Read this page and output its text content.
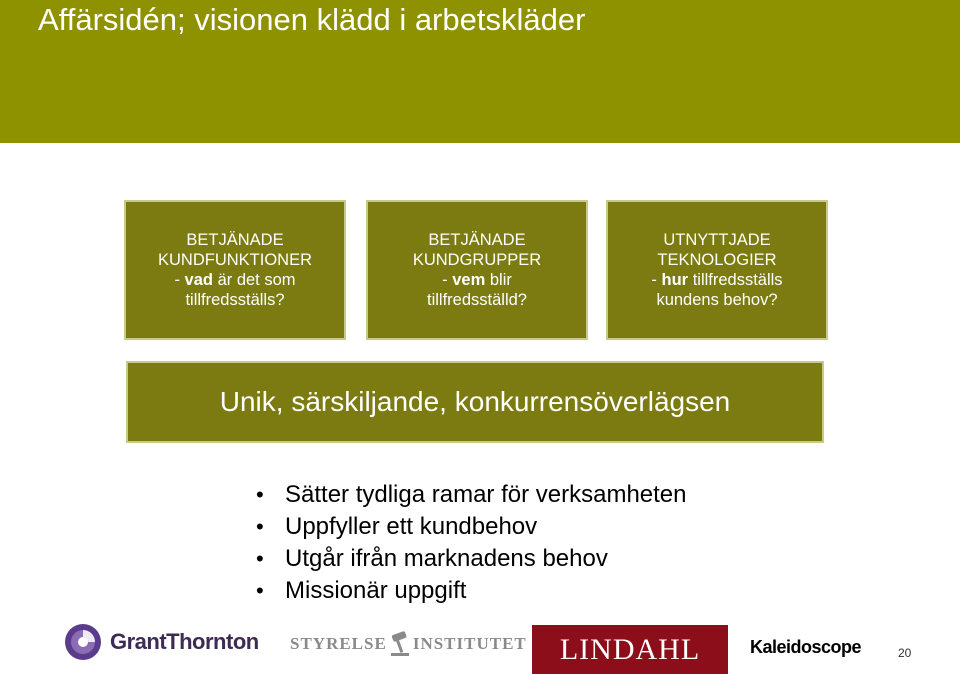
Affärsidén; visionen klädd i arbetskläder
BETJÄNADE
KUNDFUNKTIONER
- vad är det som
tillfredsställs?
BETJÄNADE
KUNDGRUPPER
- vem blir
tillfredsställd?
UTNYTTJADE
TEKNOLOGIER
- hur tillfredsställs
kundens behov?
Unik, särskiljande, konkurrensöverlägsen
• Sätter tydliga ramar för verksamheten
• Uppfyller ett kundbehov
• Utgår ifrån marknadens behov
• Missionär uppgift
GrantThornton STYRELSE INSTITUTET LINDAHL	Kaleidoscope	20
